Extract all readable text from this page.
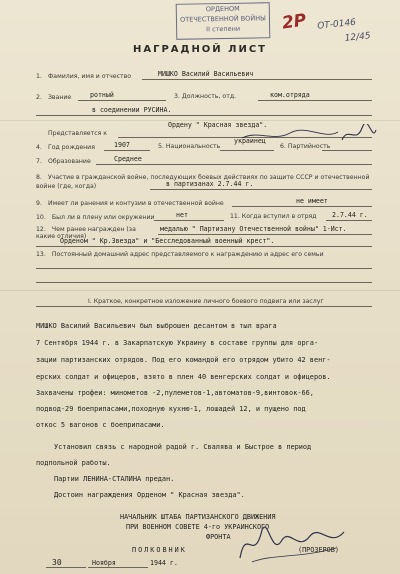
ОРДЕНОМ
ОТЕЧЕСТВЕННОЙ ВОЙНЫ
II степени	2Р ОТ-0146
12/45
НАГРАДНОЙ ЛИСТ
1. Фамилия, имя и отчество	МИШКО Василий Васильевич
2. Звание	ротный	3. Должность, отд.	ком.отряда
в соединении РУСИНА.
Представляется к
Ордену " Красная звезда".
4. Год рождения	1907	5. Национальность
украинец
6. Партийность
7. Образование	Среднее
8. Участие в гражданской войне, последующих боевых действиях по защите СССР и отечественной войне (где, когда)	в партизанах 2.7.44 г.
9. Имеет ли ранения и контузии в отечественной войне	не имеет
10. Был ли в плену или окружении	нет	11. Когда вступил в отряд 2.7.44 г.
12. Чем ранее награжден (за какие отличия)
медалью " Партизану Отечественной войны" 1-Ист.
Орденом " Кр.Звезда" и "Бесследованный военный крест".
13. Постоянный домашний адрес представляемого к награждению и адрес его семьи
I. Краткое, конкретное изложение личного боевого подвига или заслуг
МИШКО Василий Васильевич был выброшен десантом в тыл врага
7 Сентября 1944 г. в Закарпатскую Украину в составе группы для орга-
зации партизанских отрядов. Под его командой его отрядом убито 42 венг-
ерских солдат и офицеров, взято в плен 40 венгерских солдат и офицеров.
Захвачены трофеи: минометов -2,пулеметов-1,автоматов-9,винтовок-66,
подвод-29 боеприпасами,походную кухню-1, лошадей 12, и пущено под
откос 5 вагонов с боеприпасами.
Установил связь с народной радой г. Свалява и Быстрое в период
подпольной работы.
Партии ЛЕНИНА-СТАЛИНА предан.
Достоин награждения Орденом " Красная звезда".
НАЧАЛЬНИК ШТАБА ПАРТИЗАНСКОГО ДВИЖЕНИЯ
ПРИ ВОЕННОМ СОВЕТЕ 4-го УКРАИНСКОГО
ФРОНТА
ПОЛКОВНИК	(ПРОЗЕРОВ)
30	Ноября	1944 г.
